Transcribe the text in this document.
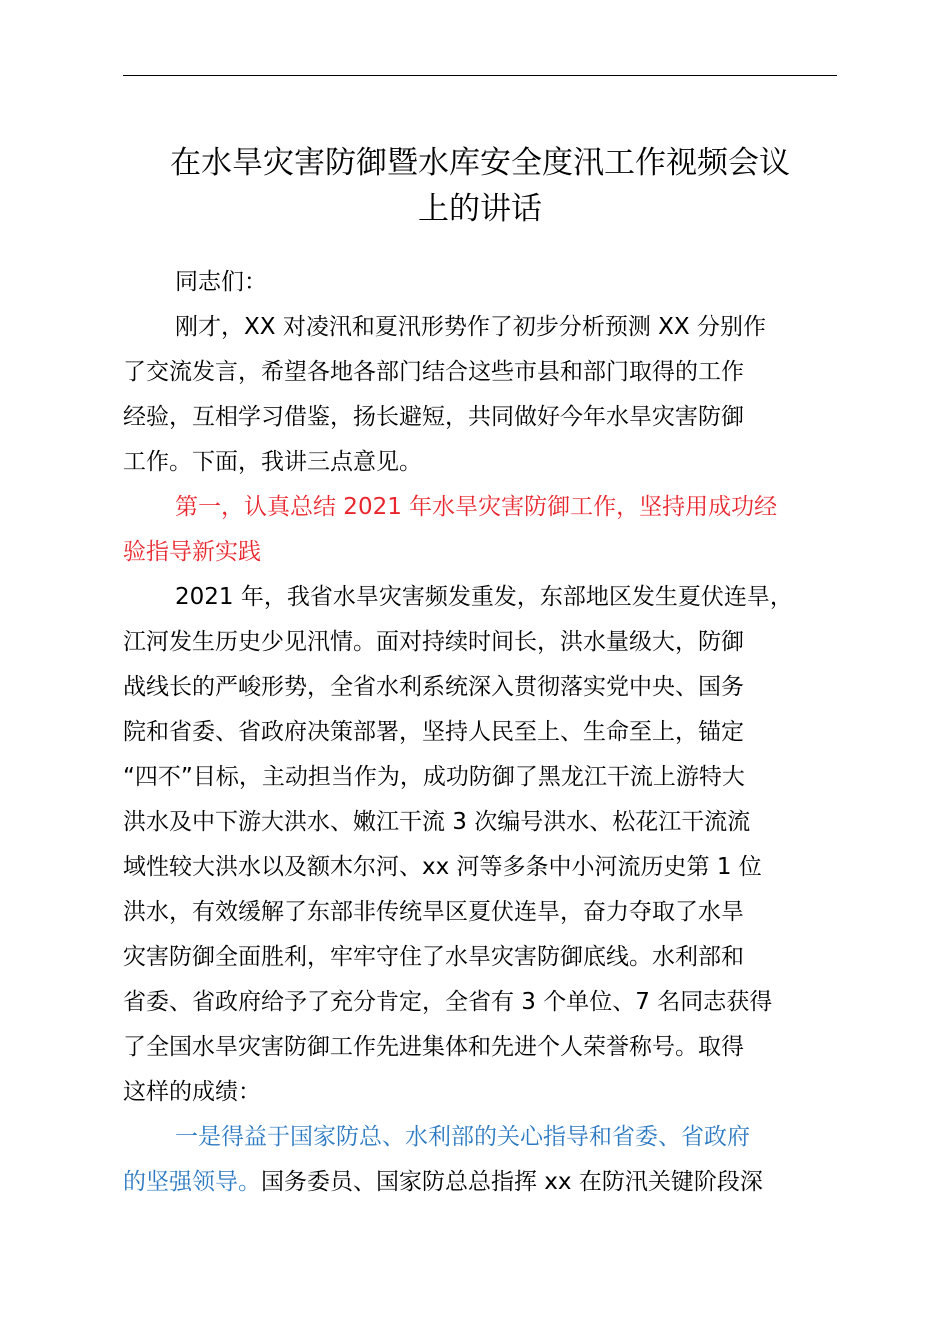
在水旱灾害防御暨水库安全度汛工作视频会议
上的讲话
同志们：
刚才，XX 对凌汛和夏汛形势作了初步分析预测 XX 分别作
了交流发言，希望各地各部门结合这些市县和部门取得的工作
经验，互相学习借鉴，扬长避短，共同做好今年水旱灾害防御
工作。下面，我讲三点意见。
第一，认真总结 2021 年水旱灾害防御工作，坚持用成功经
验指导新实践
2021 年，我省水旱灾害频发重发，东部地区发生夏伏连旱，
江河发生历史少见汛情。面对持续时间长，洪水量级大，防御
战线长的严峻形势，全省水利系统深入贯彻落实党中央、国务
院和省委、省政府决策部署，坚持人民至上、生命至上，锚定
“四不”目标，主动担当作为，成功防御了黑龙江干流上游特大
洪水及中下游大洪水、嫩江干流 3 次编号洪水、松花江干流流
域性较大洪水以及额木尔河、xx 河等多条中小河流历史第 1 位
洪水，有效缓解了东部非传统旱区夏伏连旱，奋力夺取了水旱
灾害防御全面胜利，牢牢守住了水旱灾害防御底线。水利部和
省委、省政府给予了充分肯定，全省有 3 个单位、7 名同志获得
了全国水旱灾害防御工作先进集体和先进个人荣誉称号。取得
这样的成绩：
一是得益于国家防总、水利部的关心指导和省委、省政府
的坚强领导。国务委员、国家防总总指挥 xx 在防汛关键阶段深
